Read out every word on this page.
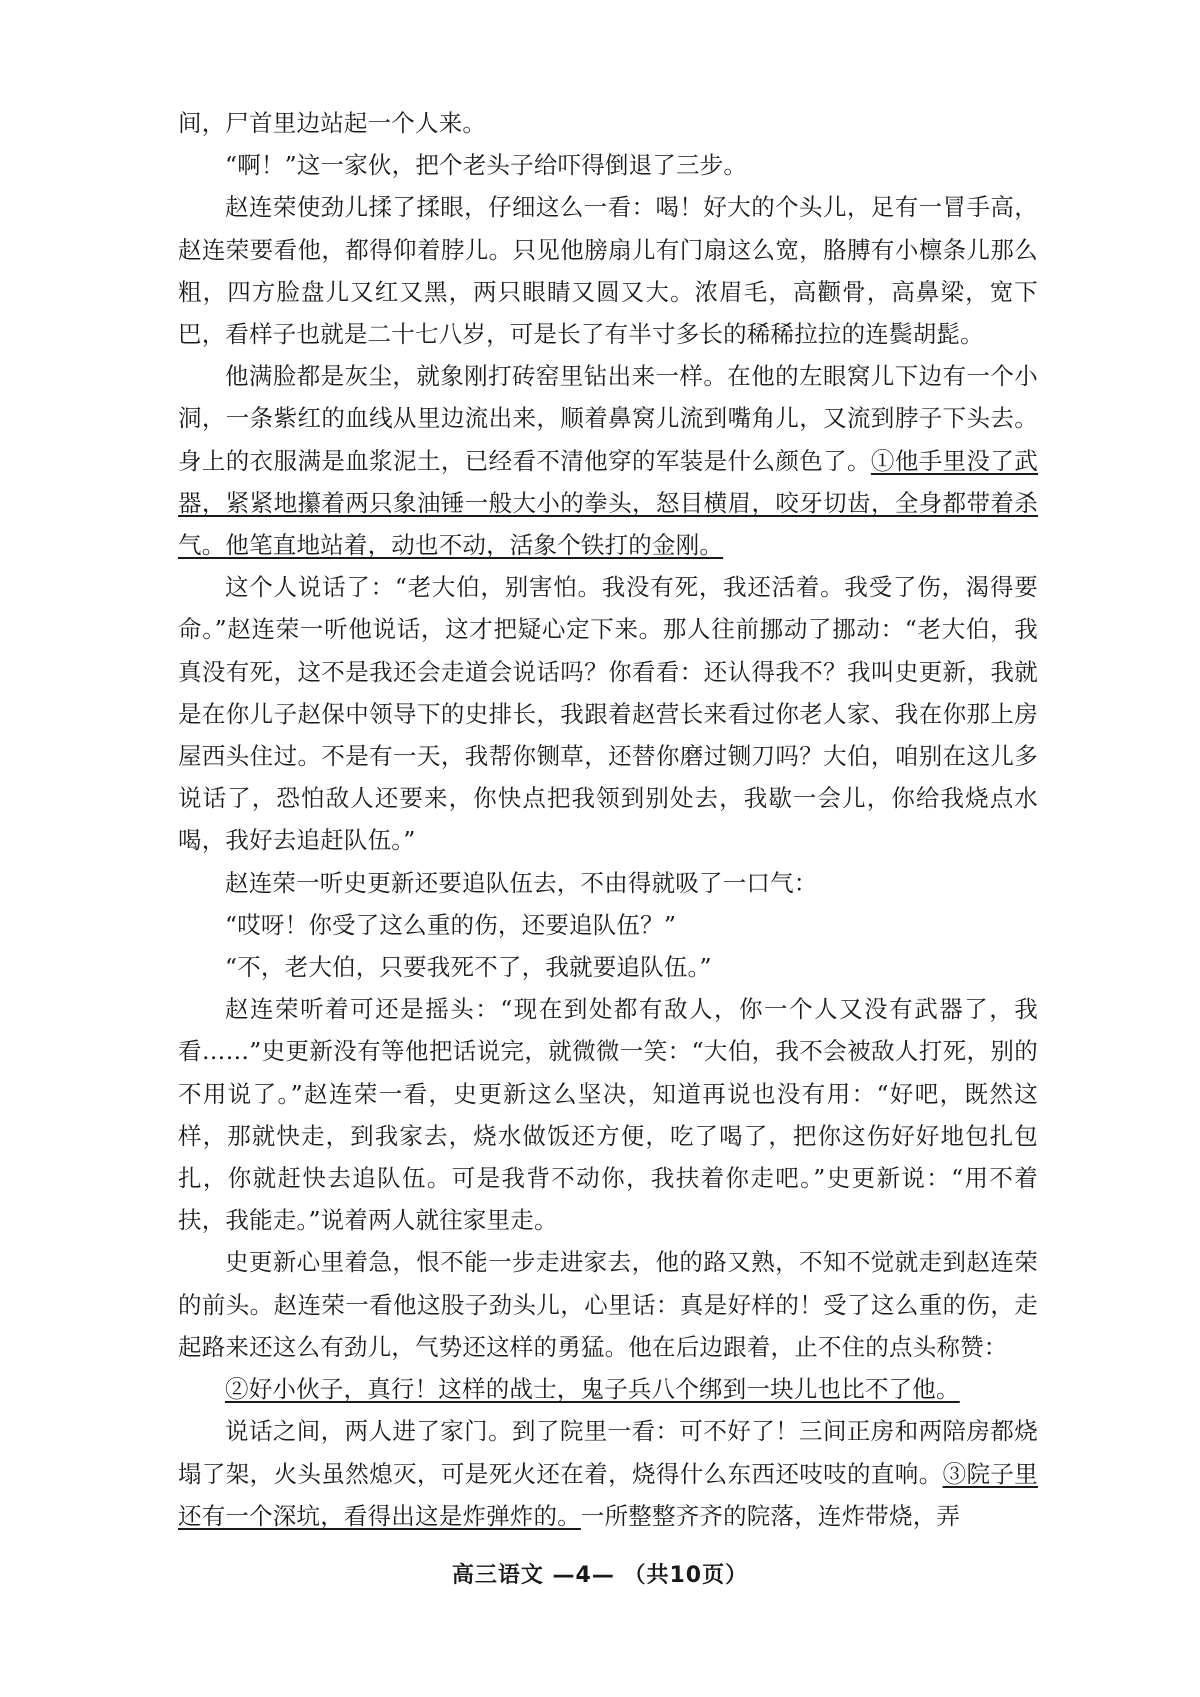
间，尸首里边站起一个人来。

“啊！”这一家伙，把个老头子给吓得倒退了三步。

赵连荣使劲儿揉了揉眼，仔细这么一看：喝！好大的个头儿，足有一冒手高，赵连荣要看他，都得仰着脖儿。只见他膀扇儿有门扇这么宽，胳膊有小檩条儿那么粗，四方脸盘儿又红又黑，两只眼睛又圆又大。浓眉毛，高颧骨，高鼻梁，宽下巴，看样子也就是二十七八岁，可是长了有半寸多长的稀稀拉拉的连鬓胡髭。

他满脸都是灰尘，就象刚打砖窑里钻出来一样。在他的左眼窝儿下边有一个小洞，一条紫红的血线从里边流出来，顺着鼻窝儿流到嘴角儿，又流到脖子下头去。身上的衣服满是血浆泥土，已经看不清他穿的军装是什么颜色了。①他手里没了武器，紧紧地攥着两只象油锤一般大小的拳头，怒目横眉，咬牙切齿，全身都带着杀气。他笔直地站着，动也不动，活象个铁打的金刚。

这个人说话了：“老大伯，别害怕。我没有死，我还活着。我受了伤，渴得要命。”赵连荣一听他说话，这才把疑心定下来。那人往前挪动了挪动：“老大伯，我真没有死，这不是我还会走道会说话吗？你看看：还认得我不？我叫史更新，我就是在你儿子赵保中领导下的史排长，我跟着赵营长来看过你老人家、我在你那上房屋西头住过。不是有一天，我帮你铡草，还替你磨过铡刀吗？大伯，咱别在这儿多说话了，恐怕敌人还要来，你快点把我领到别处去，我歇一会儿，你给我烧点水喝，我好去追赶队伍。”

赵连荣一听史更新还要追队伍去，不由得就吸了一口气：

“哎呀！你受了这么重的伤，还要追队伍？”

“不，老大伯，只要我死不了，我就要追队伍。”

赵连荣听着可还是摇头：“现在到处都有敌人，你一个人又没有武器了，我看……”史更新没有等他把话说完，就微微一笑：“大伯，我不会被敌人打死，别的不用说了。”赵连荣一看，史更新这么坚决，知道再说也没有用：“好吧，既然这样，那就快走，到我家去，烧水做饭还方便，吃了喝了，把你这伤好好地包扎包扎，你就赶快去追队伍。可是我背不动你，我扶着你走吧。”史更新说：“用不着扶，我能走。”说着两人就往家里走。

史更新心里着急，恨不能一步走进家去，他的路又熟，不知不觉就走到赵连荣的前头。赵连荣一看他这股子劲头儿，心里话：真是好样的！受了这么重的伤，走起路来还这么有劲儿，气势还这样的勇猛。他在后边跟着，止不住的点头称赞：

②好小伙子，真行！这样的战士，鬼子兵八个绑到一块儿也比不了他。

说话之间，两人进了家门。到了院里一看：可不好了！三间正房和两陪房都烧塌了架，火头虽然熄灭，可是死火还在着，烧得什么东西还吱吱的直响。③院子里还有一个深坑，看得出这是炸弹炸的。一所整整齐齐的院落，连炸带烧，弄

高三语文 —4— （共10页）
